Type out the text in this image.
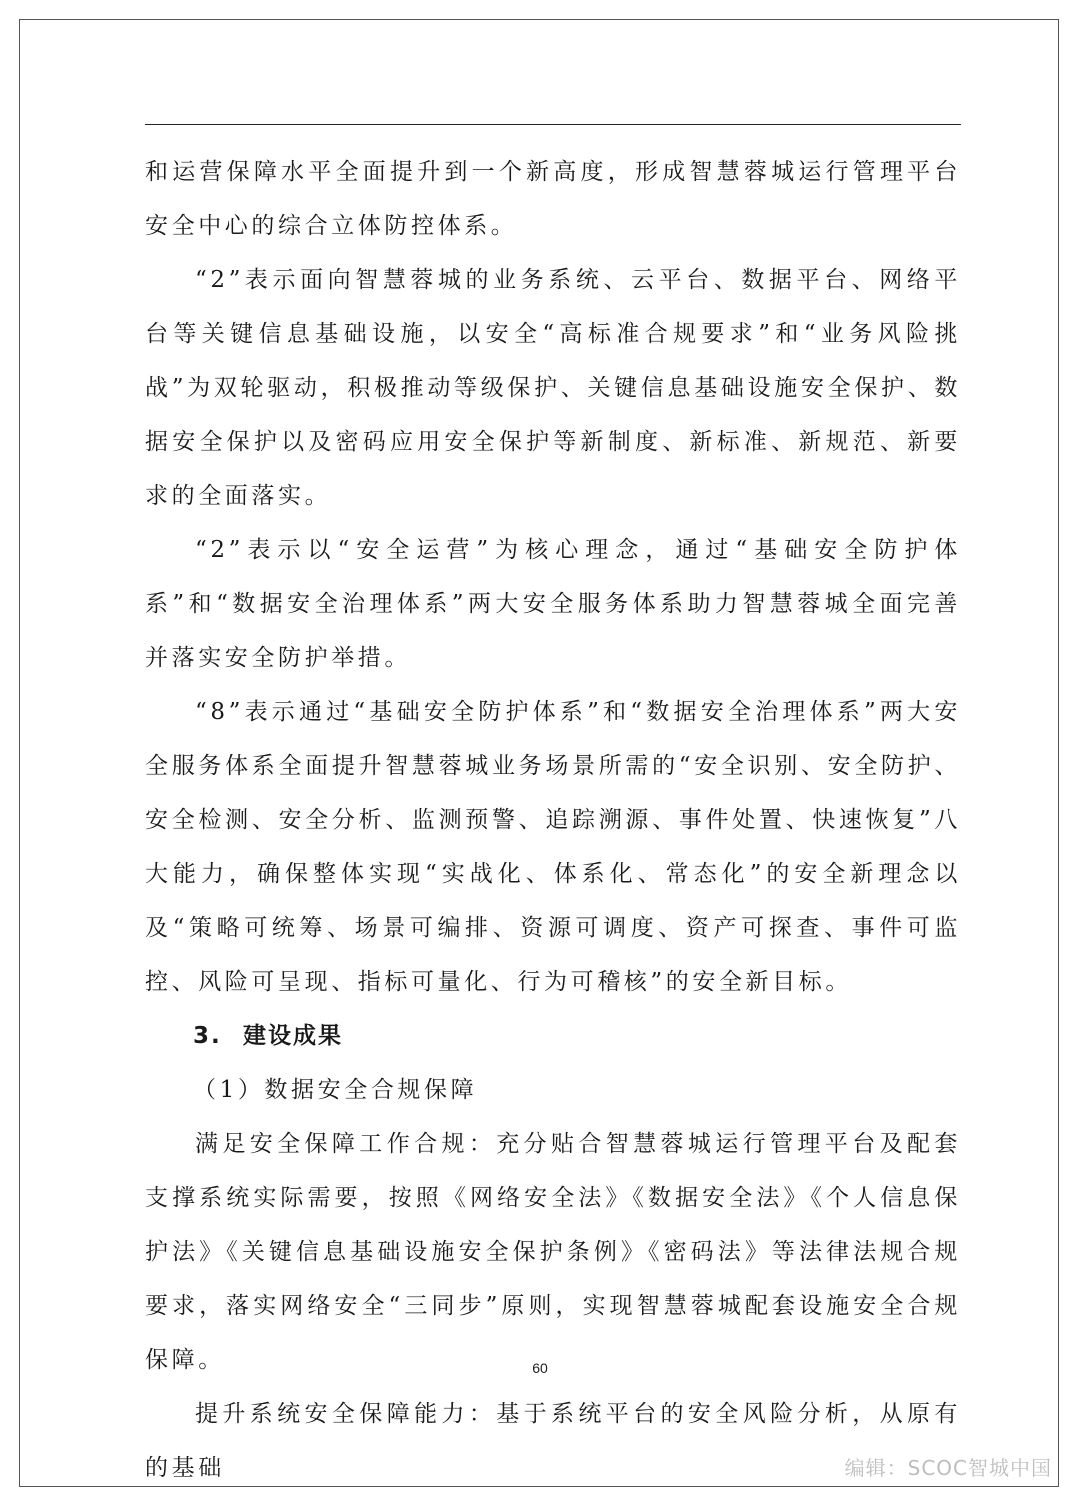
和运营保障水平全面提升到一个新高度，形成智慧蓉城运行管理平台安全中心的综合立体防控体系。

“2”表示面向智慧蓉城的业务系统、云平台、数据平台、网络平台等关键信息基础设施，以安全“高标准合规要求”和“业务风险挑战”为双轮驱动，积极推动等级保护、关键信息基础设施安全保护、数据安全保护以及密码应用安全保护等新制度、新标准、新规范、新要求的全面落实。

“2”表示以“安全运营”为核心理念，通过“基础安全防护体系”和“数据安全治理体系”两大安全服务体系助力智慧蓉城全面完善并落实安全防护举措。

“8”表示通过“基础安全防护体系”和“数据安全治理体系”两大安全服务体系全面提升智慧蓉城业务场景所需的“安全识别、安全防护、安全检测、安全分析、监测预警、追踪溯源、事件处置、快速恢复”八大能力，确保整体实现“实战化、体系化、常态化”的安全新理念以及“策略可统筹、场景可编排、资源可调度、资产可探查、事件可监控、风险可呈现、指标可量化、行为可稽核”的安全新目标。

3. 建设成果

（1）数据安全合规保障

满足安全保障工作合规：充分贴合智慧蓉城运行管理平台及配套支撑系统实际需要，按照《网络安全法》《数据安全法》《个人信息保护法》《关键信息基础设施安全保护条例》《密码法》等法律法规合规要求，落实网络安全“三同步”原则，实现智慧蓉城配套设施安全合规保障。

提升系统安全保障能力：基于系统平台的安全风险分析，从原有的基础

60
编辑：SCOC智城中国
